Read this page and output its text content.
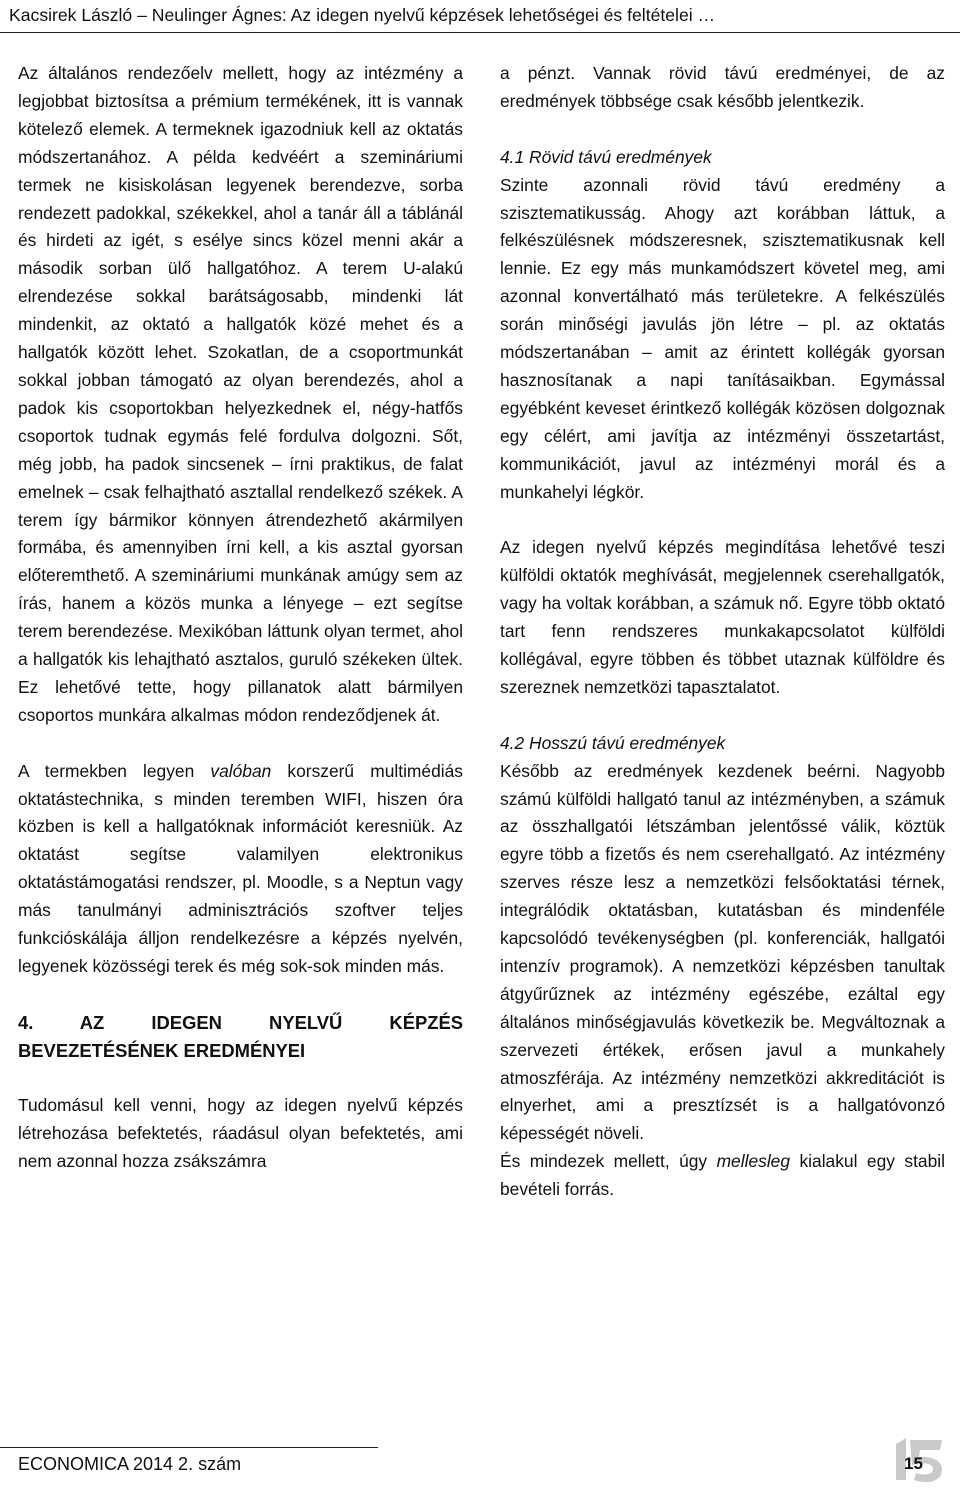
Kacsirek László – Neulinger Ágnes: Az idegen nyelvű képzések lehetőségei és feltételei …

Az általános rendezőelv mellett, hogy az intézmény a legjobbat biztosítsa a prémium termékének, itt is vannak kötelező elemek. A termeknek igazodniuk kell az oktatás módszertanához. A példa kedvéért a szemináriumi termek ne kisiskolásan legyenek berendezve, sorba rendezett padokkal, székekkel, ahol a tanár áll a táblánál és hirdeti az igét, s esélye sincs közel menni akár a második sorban ülő hallgatóhoz. A terem U-alakú elrendezése sokkal barátságosabb, mindenki lát mindenkit, az oktató a hallgatók közé mehet és a hallgatók között lehet. Szokatlan, de a csoportmunkát sokkal jobban támogató az olyan berendezés, ahol a padok kis csoportokban helyezkednek el, négy-hatfős csoportok tudnak egymás felé fordulva dolgozni. Sőt, még jobb, ha padok sincsenek – írni praktikus, de falat emelnek – csak felhajtható asztallal rendelkező székek. A terem így bármikor könnyen átrendezhető akármilyen formába, és amennyiben írni kell, a kis asztal gyorsan előteremthető. A szemináriumi munkának amúgy sem az írás, hanem a közös munka a lényege – ezt segítse terem berendezése. Mexikóban láttunk olyan termet, ahol a hallgatók kis lehajtható asztalos, guruló székeken ültek. Ez lehetővé tette, hogy pillanatok alatt bármilyen csoportos munkára alkalmas módon rendeződjenek át.

A termekben legyen valóban korszerű multimédiás oktatástechnika, s minden teremben WIFI, hiszen óra közben is kell a hallgatóknak információt keresniük. Az oktatást segítse valamilyen elektronikus oktatástámogatási rendszer, pl. Moodle, s a Neptun vagy más tanulmányi adminisztrációs szoftver teljes funkcióskálája álljon rendelkezésre a képzés nyelvén, legyenek közösségi terek és még sok-sok minden más.

4. AZ IDEGEN NYELVŰ KÉPZÉS
BEVEZETÉSÉNEK EREDMÉNYEI

Tudomásul kell venni, hogy az idegen nyelvű képzés létrehozása befektetés, ráadásul olyan befektetés, ami nem azonnal hozza zsákszámra

a pénzt. Vannak rövid távú eredményei, de az eredmények többsége csak később jelentkezik.

4.1 Rövid távú eredmények

Szinte azonnali rövid távú eredmény a szisztematikusság. Ahogy azt korábban láttuk, a felkészülésnek módszeresnek, szisztematikusnak kell lennie. Ez egy más munkamódszert követel meg, ami azonnal konvertálható más területekre. A felkészülés során minőségi javulás jön létre – pl. az oktatás módszertanában – amit az érintett kollégák gyorsan hasznosítanak a napi tanításaikban. Egymással egyébként keveset érintkező kollégák közösen dolgoznak egy célért, ami javítja az intézményi összetartást, kommunikációt, javul az intézményi morál és a munkahelyi légkör.

Az idegen nyelvű képzés megindítása lehetővé teszi külföldi oktatók meghívását, megjelennek cserehallgatók, vagy ha voltak korábban, a számuk nő. Egyre több oktató tart fenn rendszeres munkakapcsolatot külföldi kollégával, egyre többen és többet utaznak külföldre és szereznek nemzetközi tapasztalatot.

4.2 Hosszú távú eredmények

Később az eredmények kezdenek beérni. Nagyobb számú külföldi hallgató tanul az intézményben, a számuk az összhallgatói létszámban jelentőssé válik, köztük egyre több a fizetős és nem cserehallgató. Az intézmény szerves része lesz a nemzetközi felsőoktatási térnek, integrálódik oktatásban, kutatásban és mindenféle kapcsolódó tevékenységben (pl. konferenciák, hallgatói intenzív programok). A nemzetközi képzésben tanultak átgyűrűznek az intézmény egészébe, ezáltal egy általános minőségjavulás következik be. Megváltoznak a szervezeti értékek, erősen javul a munkahely atmoszférája. Az intézmény nemzetközi akkreditációt is elnyerhet, ami a presztízsét is a hallgatóvonzó képességét növeli.

És mindezek mellett, úgy mellesleg kialakul egy stabil bevételi forrás.

ECONOMICA 2014 2. szám	15
